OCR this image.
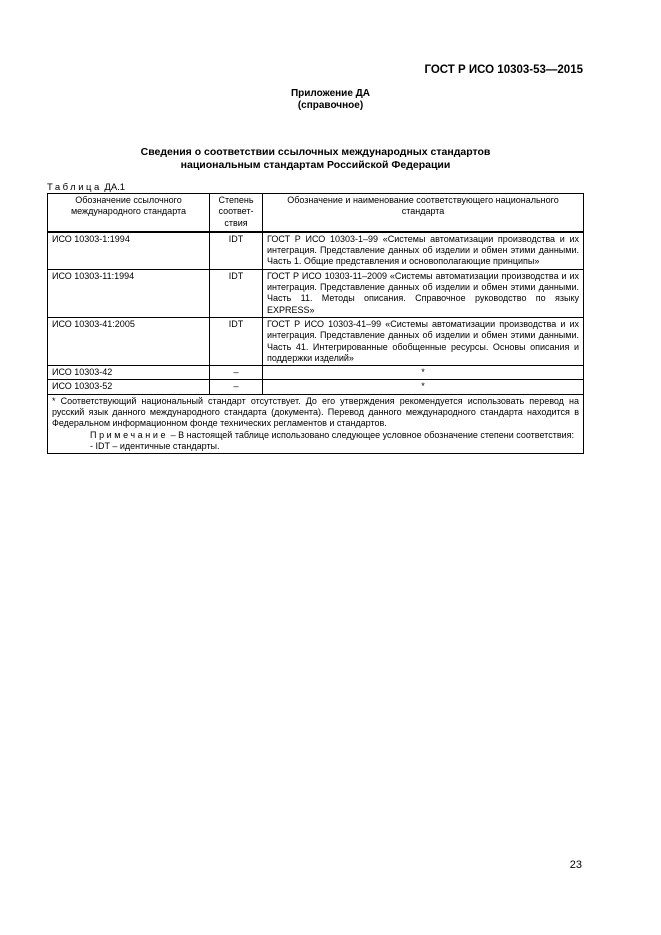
ГОСТ Р ИСО 10303-53—2015
Приложение ДА
(справочное)
Сведения о соответствии ссылочных международных стандартов
национальным стандартам Российской Федерации
Таблица ДА.1
Обозначение ссылочного международного стандарта	Степень соответ-ствия	Обозначение и наименование соответствующего национального стандарта
ИСО 10303-1:1994	IDT	ГОСТ Р ИСО 10303-1–99 «Системы автоматизации производства и их интеграция. Представление данных об изделии и обмен этими данными. Часть 1. Общие представления и основополагающие принципы»
ИСО 10303-11:1994	IDT	ГОСТ Р ИСО 10303-11–2009 «Системы автоматизации производства и их интеграция. Представление данных об изделии и обмен этими данными. Часть 11. Методы описания. Справочное руководство по языку EXPRESS»
ИСО 10303-41:2005	IDT	ГОСТ Р ИСО 10303-41–99 «Системы автоматизации производства и их интеграция. Представление данных об изделии и обмен этими данными. Часть 41. Интегрированные обобщенные ресурсы. Основы описания и поддержки изделий»
ИСО 10303-42	–	*
ИСО 10303-52	–	*

* Соответствующий национальный стандарт отсутствует. До его утверждения рекомендуется использовать перевод на русский язык данного международного стандарта (документа). Перевод данного международного стандарта находится в Федеральном информационном фонде технических регламентов и стандартов.
Примечание – В настоящей таблице использовано следующее условное обозначение степени соответствия:
- IDT – идентичные стандарты.		
23
